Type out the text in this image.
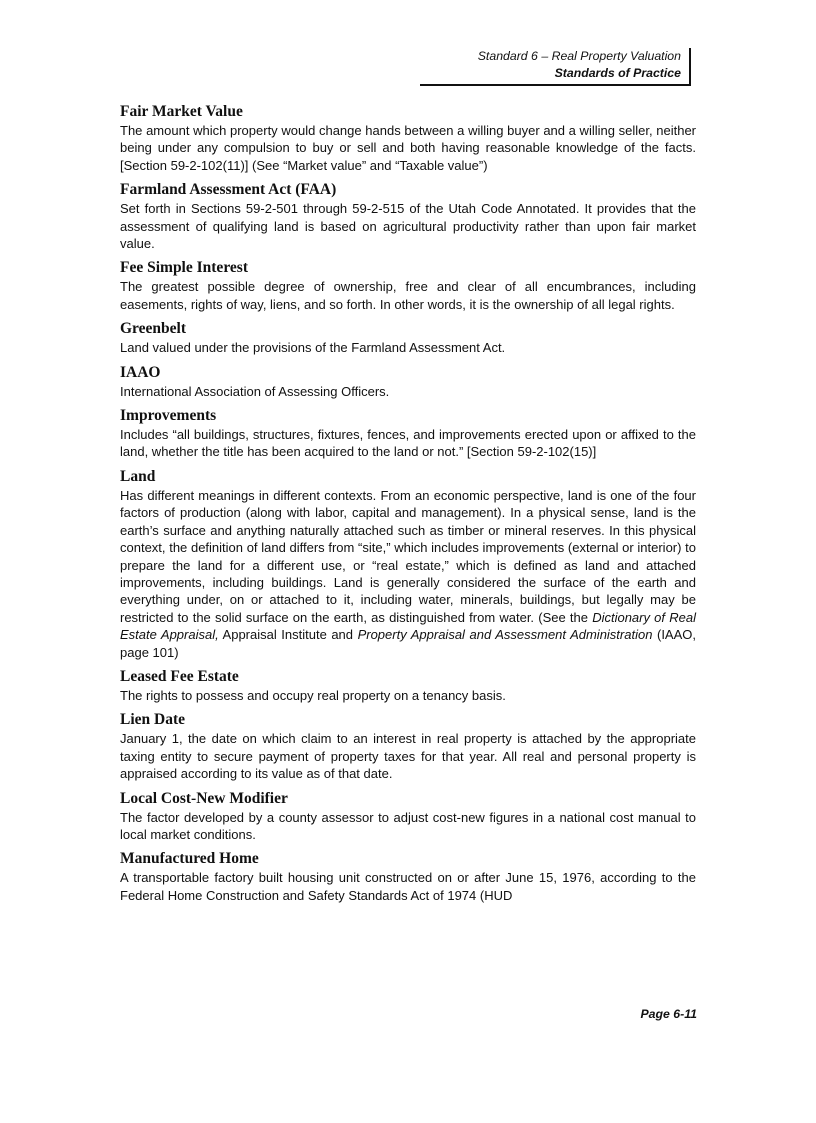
Standard 6 – Real Property Valuation
Standards of Practice

Fair Market Value

The amount which property would change hands between a willing buyer and a willing seller, neither being under any compulsion to buy or sell and both having reasonable knowledge of the facts. [Section 59-2-102(11)] (See “Market value” and “Taxable value”)

Farmland Assessment Act (FAA)

Set forth in Sections 59-2-501 through 59-2-515 of the Utah Code Annotated. It provides that the assessment of qualifying land is based on agricultural productivity rather than upon fair market value.

Fee Simple Interest

The greatest possible degree of ownership, free and clear of all encumbrances, including easements, rights of way, liens, and so forth. In other words, it is the ownership of all legal rights.

Greenbelt

Land valued under the provisions of the Farmland Assessment Act.

IAAO

International Association of Assessing Officers.

Improvements

Includes “all buildings, structures, fixtures, fences, and improvements erected upon or affixed to the land, whether the title has been acquired to the land or not.” [Section 59-2-102(15)]

Land

Has different meanings in different contexts. From an economic perspective, land is one of the four factors of production (along with labor, capital and management). In a physical sense, land is the earth’s surface and anything naturally attached such as timber or mineral reserves. In this physical context, the definition of land differs from “site,” which includes improvements (external or interior) to prepare the land for a different use, or “real estate,” which is defined as land and attached improvements, including buildings. Land is generally considered the surface of the earth and everything under, on or attached to it, including water, minerals, buildings, but legally may be restricted to the solid surface on the earth, as distinguished from water. (See the Dictionary of Real Estate Appraisal, Appraisal Institute and Property Appraisal and Assessment Administration (IAAO, page 101)

Leased Fee Estate

The rights to possess and occupy real property on a tenancy basis.

Lien Date

January 1, the date on which claim to an interest in real property is attached by the appropriate taxing entity to secure payment of property taxes for that year. All real and personal property is appraised according to its value as of that date.

Local Cost-New Modifier

The factor developed by a county assessor to adjust cost-new figures in a national cost manual to local market conditions.

Manufactured Home

A transportable factory built housing unit constructed on or after June 15, 1976, according to the Federal Home Construction and Safety Standards Act of 1974 (HUD

Page 6-11
